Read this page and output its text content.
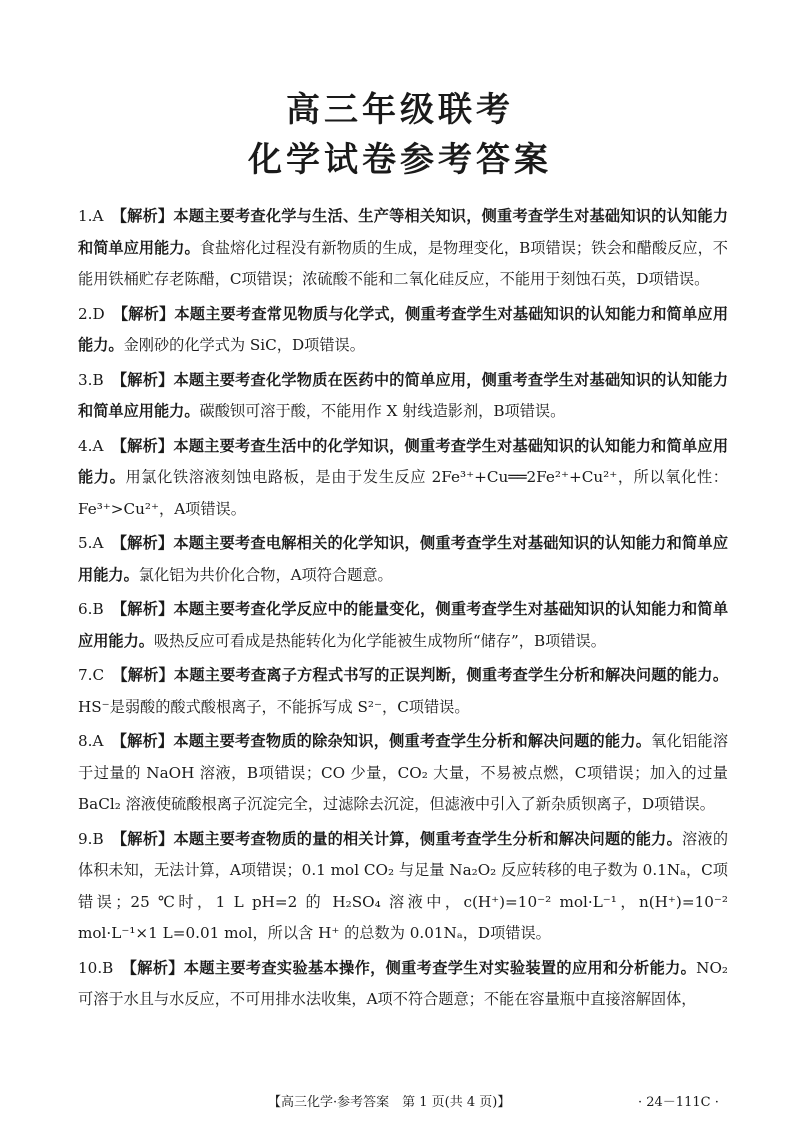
高三年级联考
化学试卷参考答案

1.A 【解析】本题主要考查化学与生活、生产等相关知识，侧重考查学生对基础知识的认知能力和简单应用能力。食盐熔化过程没有新物质的生成，是物理变化，B项错误；铁会和醋酸反应，不能用铁桶贮存老陈醋，C项错误；浓硫酸不能和二氧化硅反应，不能用于刻蚀石英，D项错误。

2.D 【解析】本题主要考查常见物质与化学式，侧重考查学生对基础知识的认知能力和简单应用能力。金刚砂的化学式为 SiC，D项错误。

3.B 【解析】本题主要考查化学物质在医药中的简单应用，侧重考查学生对基础知识的认知能力和简单应用能力。碳酸钡可溶于酸，不能用作 X 射线造影剂，B项错误。

4.A 【解析】本题主要考查生活中的化学知识，侧重考查学生对基础知识的认知能力和简单应用能力。用氯化铁溶液刻蚀电路板，是由于发生反应 2Fe³⁺+Cu══2Fe²⁺+Cu²⁺，所以氧化性：Fe³⁺>Cu²⁺，A项错误。

5.A 【解析】本题主要考查电解相关的化学知识，侧重考查学生对基础知识的认知能力和简单应用能力。氯化铝为共价化合物，A项符合题意。

6.B 【解析】本题主要考查化学反应中的能量变化，侧重考查学生对基础知识的认知能力和简单应用能力。吸热反应可看成是热能转化为化学能被生成物所“储存”，B项错误。

7.C 【解析】本题主要考查离子方程式书写的正误判断，侧重考查学生分析和解决问题的能力。HS⁻是弱酸的酸式酸根离子，不能拆写成 S²⁻，C项错误。

8.A 【解析】本题主要考查物质的除杂知识，侧重考查学生分析和解决问题的能力。氧化铝能溶于过量的 NaOH 溶液，B项错误；CO 少量，CO₂ 大量，不易被点燃，C项错误；加入的过量 BaCl₂ 溶液使硫酸根离子沉淀完全，过滤除去沉淀，但滤液中引入了新杂质钡离子，D项错误。

9.B 【解析】本题主要考查物质的量的相关计算，侧重考查学生分析和解决问题的能力。溶液的体积未知，无法计算，A项错误；0.1 mol CO₂ 与足量 Na₂O₂ 反应转移的电子数为 0.1Nₐ，C项错误；25 ℃时，1 L pH=2 的 H₂SO₄ 溶液中，c(H⁺)=10⁻² mol·L⁻¹，n(H⁺)=10⁻² mol·L⁻¹×1 L=0.01 mol，所以含 H⁺ 的总数为 0.01Nₐ，D项错误。

10.B 【解析】本题主要考查实验基本操作，侧重考查学生对实验装置的应用和分析能力。NO₂ 可溶于水且与水反应，不可用排水法收集，A项不符合题意；不能在容量瓶中直接溶解固体，

【高三化学·参考答案　第 1 页(共 4 页)】	· 24－111C ·
